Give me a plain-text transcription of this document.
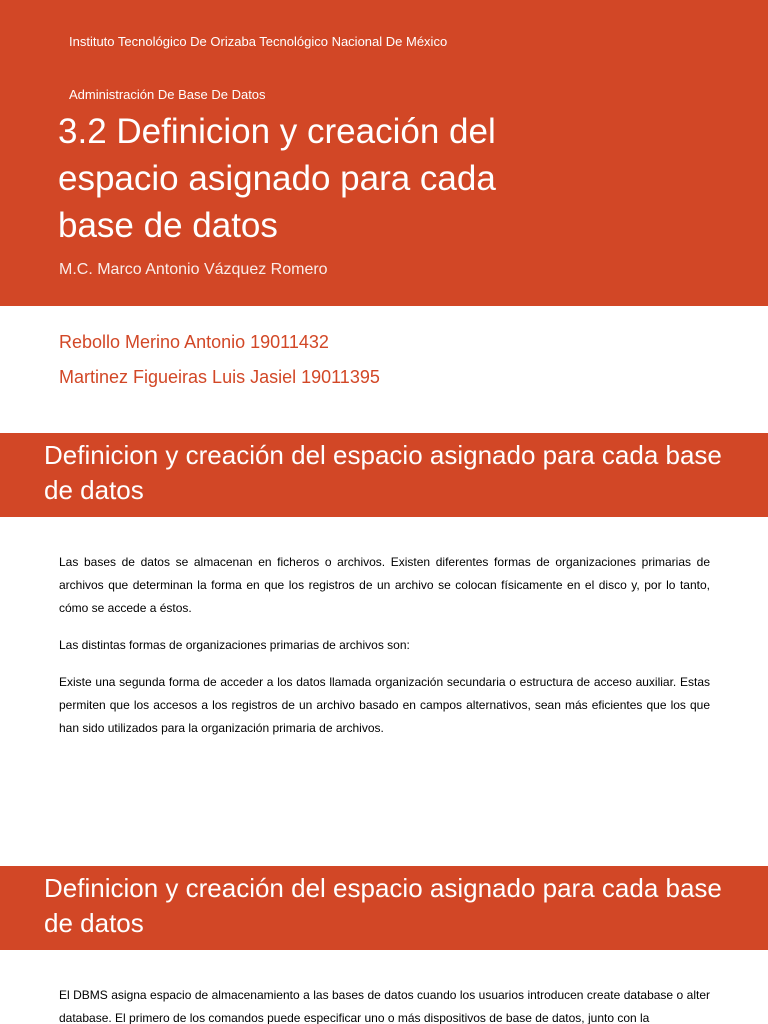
Instituto Tecnológico De Orizaba Tecnológico Nacional De México
Administración De Base De Datos
3.2 Definicion y creación del espacio asignado para cada base de datos
M.C. Marco Antonio Vázquez Romero
Rebollo Merino Antonio 19011432
Martinez Figueiras Luis Jasiel 19011395
Definicion y creación del espacio asignado para cada base de datos

Las bases de datos se almacenan en ficheros o archivos. Existen diferentes formas de organizaciones primarias de archivos que determinan la forma en que los registros de un archivo se colocan físicamente en el disco y, por lo tanto, cómo se accede a éstos.

Las distintas formas de organizaciones primarias de archivos son:

Existe una segunda forma de acceder a los datos llamada organización secundaria o estructura de acceso auxiliar. Estas permiten que los accesos a los registros de un archivo basado en campos alternativos, sean más eficientes que los que han sido utilizados para la organización primaria de archivos.

Definicion y creación del espacio asignado para cada base de datos

El DBMS asigna espacio de almacenamiento a las bases de datos cuando los usuarios introducen create database o alter database. El primero de los comandos puede especificar uno o más dispositivos de base de datos, junto con la
